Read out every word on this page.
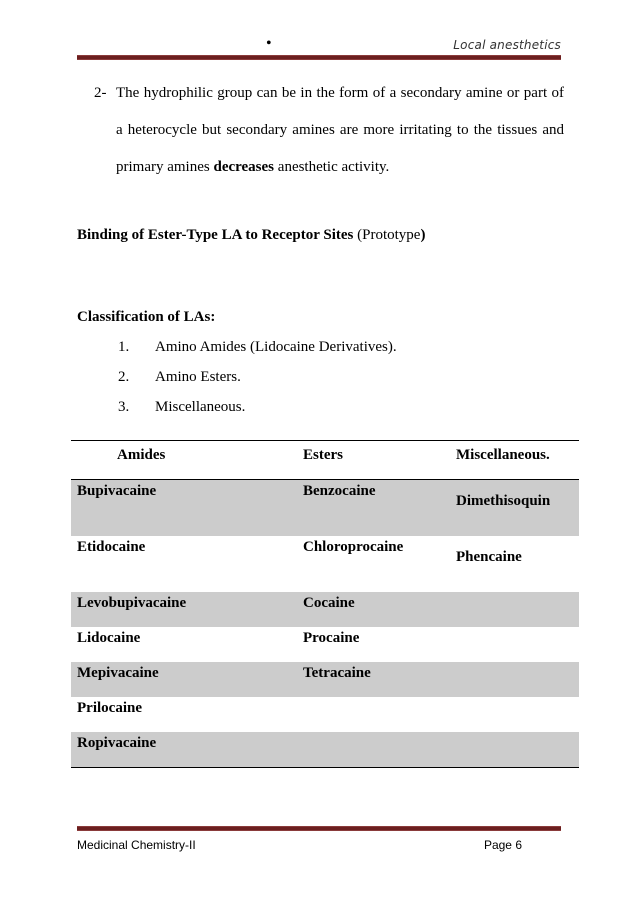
•	Local anesthetics
2- The hydrophilic group can be in the form of a secondary amine or part of a heterocycle but secondary amines are more irritating to the tissues and primary amines decreases anesthetic activity.
Binding of Ester-Type LA to Receptor Sites (Prototype)
Classification of LAs:
1. Amino Amides (Lidocaine Derivatives).
2. Amino Esters.
3. Miscellaneous.
Amides	Esters	Miscellaneous.
Bupivacaine	Benzocaine	Dimethisoquin
Etidocaine	Chloroprocaine	Phencaine
Levobupivacaine	Cocaine	
Lidocaine	Procaine	
Mepivacaine	Tetracaine	
Prilocaine		
Ropivacaine		
Medicinal Chemistry-II	Page 6
